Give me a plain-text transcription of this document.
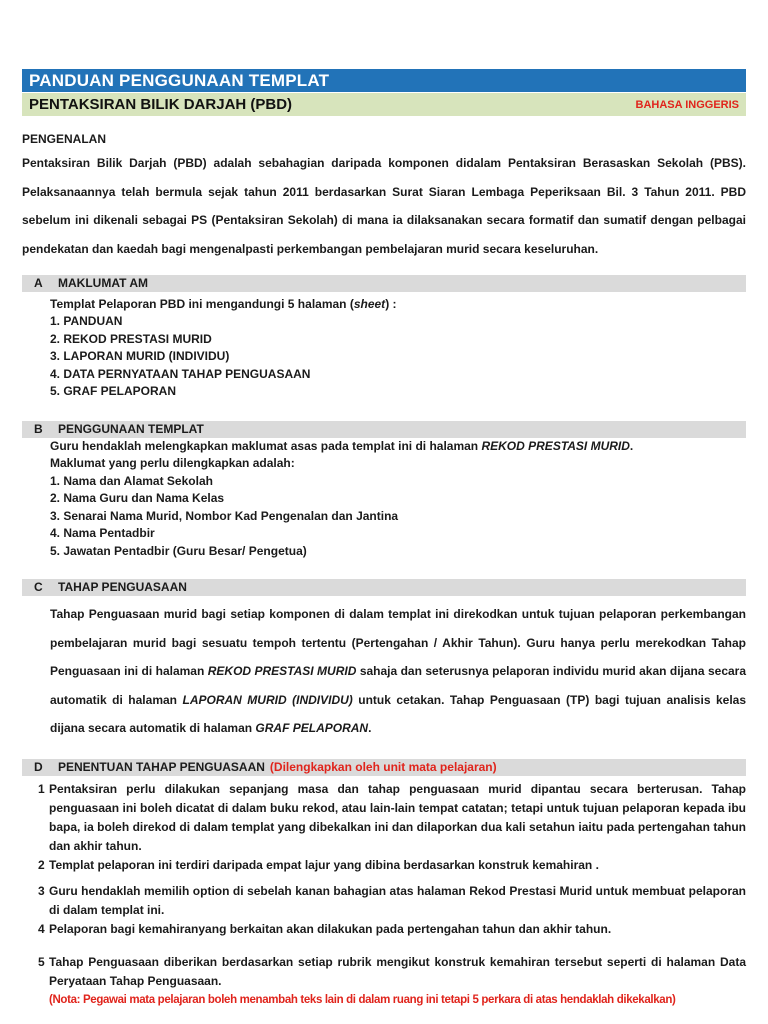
PANDUAN PENGGUNAAN TEMPLAT
PENTAKSIRAN BILIK DARJAH (PBD)	BAHASA INGGERIS
PENGENALAN
Pentaksiran Bilik Darjah (PBD) adalah sebahagian daripada komponen didalam Pentaksiran Berasaskan Sekolah (PBS). Pelaksanaannya telah bermula sejak tahun 2011 berdasarkan Surat Siaran Lembaga Peperiksaan Bil. 3 Tahun 2011. PBD sebelum ini dikenali sebagai PS (Pentaksiran Sekolah) di mana ia dilaksanakan secara formatif dan sumatif dengan pelbagai pendekatan dan kaedah bagi mengenalpasti perkembangan pembelajaran murid secara keseluruhan.
A	MAKLUMAT AM
Templat Pelaporan PBD ini mengandungi 5 halaman (sheet) :
1. PANDUAN
2. REKOD PRESTASI MURID
3. LAPORAN MURID (INDIVIDU)
4. DATA PERNYATAAN TAHAP PENGUASAAN
5. GRAF PELAPORAN
B	PENGGUNAAN TEMPLAT
Guru hendaklah melengkapkan maklumat asas pada templat ini di halaman REKOD PRESTASI MURID.
Maklumat yang perlu dilengkapkan adalah:
1. Nama dan Alamat Sekolah
2. Nama Guru dan Nama Kelas
3. Senarai Nama Murid, Nombor Kad Pengenalan dan Jantina
4. Nama Pentadbir
5. Jawatan Pentadbir (Guru Besar/ Pengetua)
C	TAHAP PENGUASAAN
Tahap Penguasaan murid bagi setiap komponen di dalam templat ini direkodkan untuk tujuan pelaporan perkembangan pembelajaran murid bagi sesuatu tempoh tertentu (Pertengahan / Akhir Tahun). Guru hanya perlu merekodkan Tahap Penguasaan ini di halaman REKOD PRESTASI MURID sahaja dan seterusnya pelaporan individu murid akan dijana secara automatik di halaman LAPORAN MURID (INDIVIDU) untuk cetakan. Tahap Penguasaan (TP) bagi tujuan analisis kelas dijana secara automatik di halaman GRAF PELAPORAN.
D	PENENTUAN TAHAP PENGUASAAN (Dilengkapkan oleh unit mata pelajaran)
1 Pentaksiran perlu dilakukan sepanjang masa dan tahap penguasaan murid dipantau secara berterusan. Tahap penguasaan ini boleh dicatat di dalam buku rekod, atau lain-lain tempat catatan; tetapi untuk tujuan pelaporan kepada ibu bapa, ia boleh direkod di dalam templat yang dibekalkan ini dan dilaporkan dua kali setahun iaitu pada pertengahan tahun dan akhir tahun.
2 Templat pelaporan ini terdiri daripada empat lajur yang dibina berdasarkan konstruk kemahiran .
3 Guru hendaklah memilih option di sebelah kanan bahagian atas halaman Rekod Prestasi Murid untuk membuat pelaporan di dalam templat ini.
4 Pelaporan bagi kemahiranyang berkaitan akan dilakukan pada pertengahan tahun dan akhir tahun.
5 Tahap Penguasaan diberikan berdasarkan setiap rubrik mengikut konstruk kemahiran tersebut seperti di halaman Data Peryataan Tahap Penguasaan.
(Nota: Pegawai mata pelajaran boleh menambah teks lain di dalam ruang ini tetapi 5 perkara di atas hendaklah dikekalkan)
